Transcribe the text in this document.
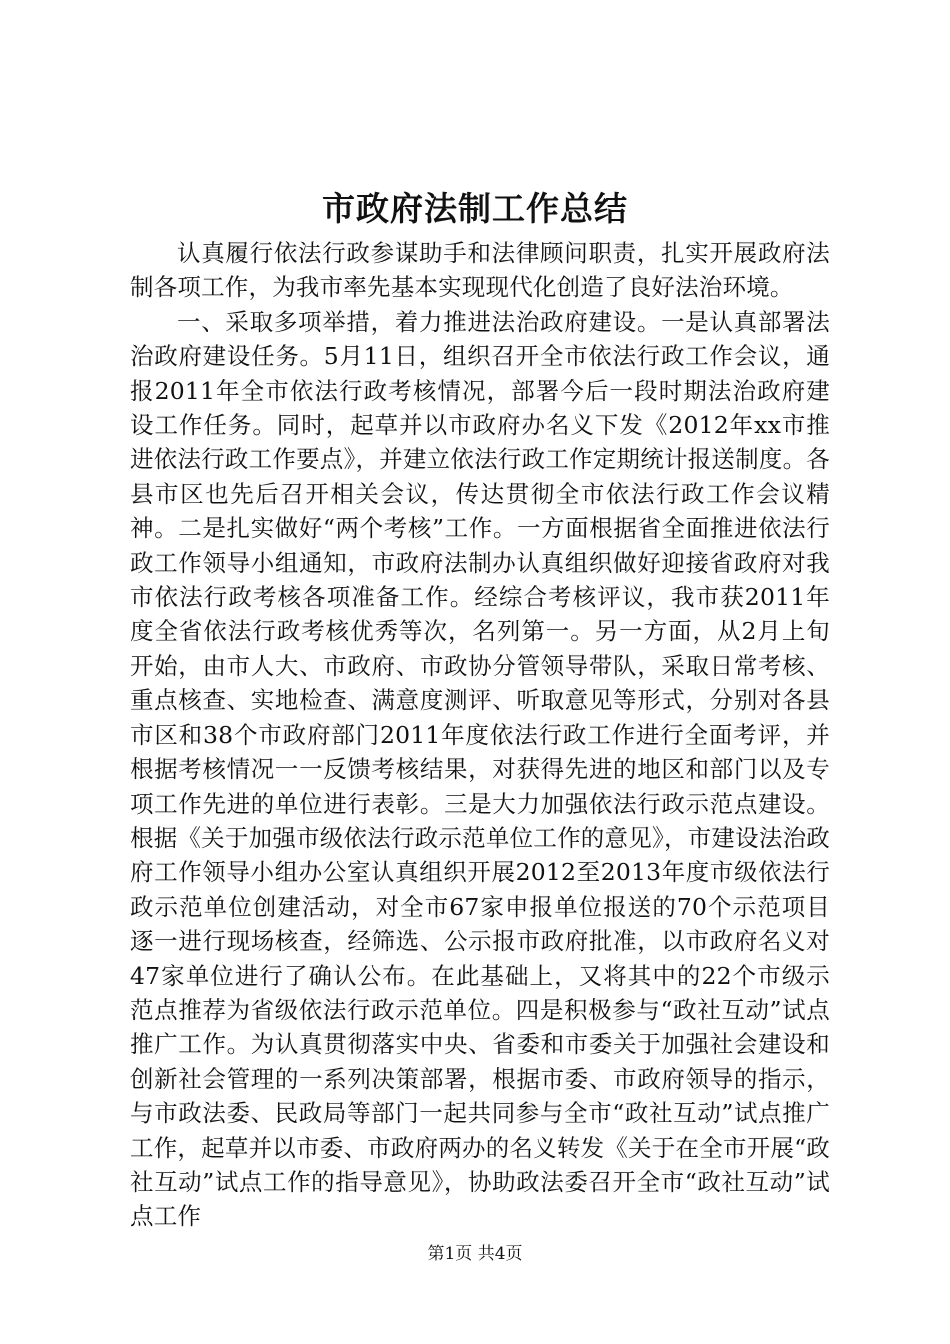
市政府法制工作总结

认真履行依法行政参谋助手和法律顾问职责，扎实开展政府法制各项工作，为我市率先基本实现现代化创造了良好法治环境。

一、采取多项举措，着力推进法治政府建设。一是认真部署法治政府建设任务。5月11日，组织召开全市依法行政工作会议，通报2011年全市依法行政考核情况，部署今后一段时期法治政府建设工作任务。同时，起草并以市政府办名义下发《2012年xx市推进依法行政工作要点》，并建立依法行政工作定期统计报送制度。各县市区也先后召开相关会议，传达贯彻全市依法行政工作会议精神。二是扎实做好“两个考核”工作。一方面根据省全面推进依法行政工作领导小组通知，市政府法制办认真组织做好迎接省政府对我市依法行政考核各项准备工作。经综合考核评议，我市获2011年度全省依法行政考核优秀等次，名列第一。另一方面，从2月上旬开始，由市人大、市政府、市政协分管领导带队，采取日常考核、重点核查、实地检查、满意度测评、听取意见等形式，分别对各县市区和38个市政府部门2011年度依法行政工作进行全面考评，并根据考核情况一一反馈考核结果，对获得先进的地区和部门以及专项工作先进的单位进行表彰。三是大力加强依法行政示范点建设。根据《关于加强市级依法行政示范单位工作的意见》，市建设法治政府工作领导小组办公室认真组织开展2012至2013年度市级依法行政示范单位创建活动，对全市67家申报单位报送的70个示范项目逐一进行现场核查，经筛选、公示报市政府批准，以市政府名义对47家单位进行了确认公布。在此基础上，又将其中的22个市级示范点推荐为省级依法行政示范单位。四是积极参与“政社互动”试点推广工作。为认真贯彻落实中央、省委和市委关于加强社会建设和创新社会管理的一系列决策部署，根据市委、市政府领导的指示，与市政法委、民政局等部门一起共同参与全市“政社互动”试点推广工作，起草并以市委、市政府两办的名义转发《关于在全市开展“政社互动”试点工作的指导意见》，协助政法委召开全市“政社互动”试点工作

第1页 共4页
